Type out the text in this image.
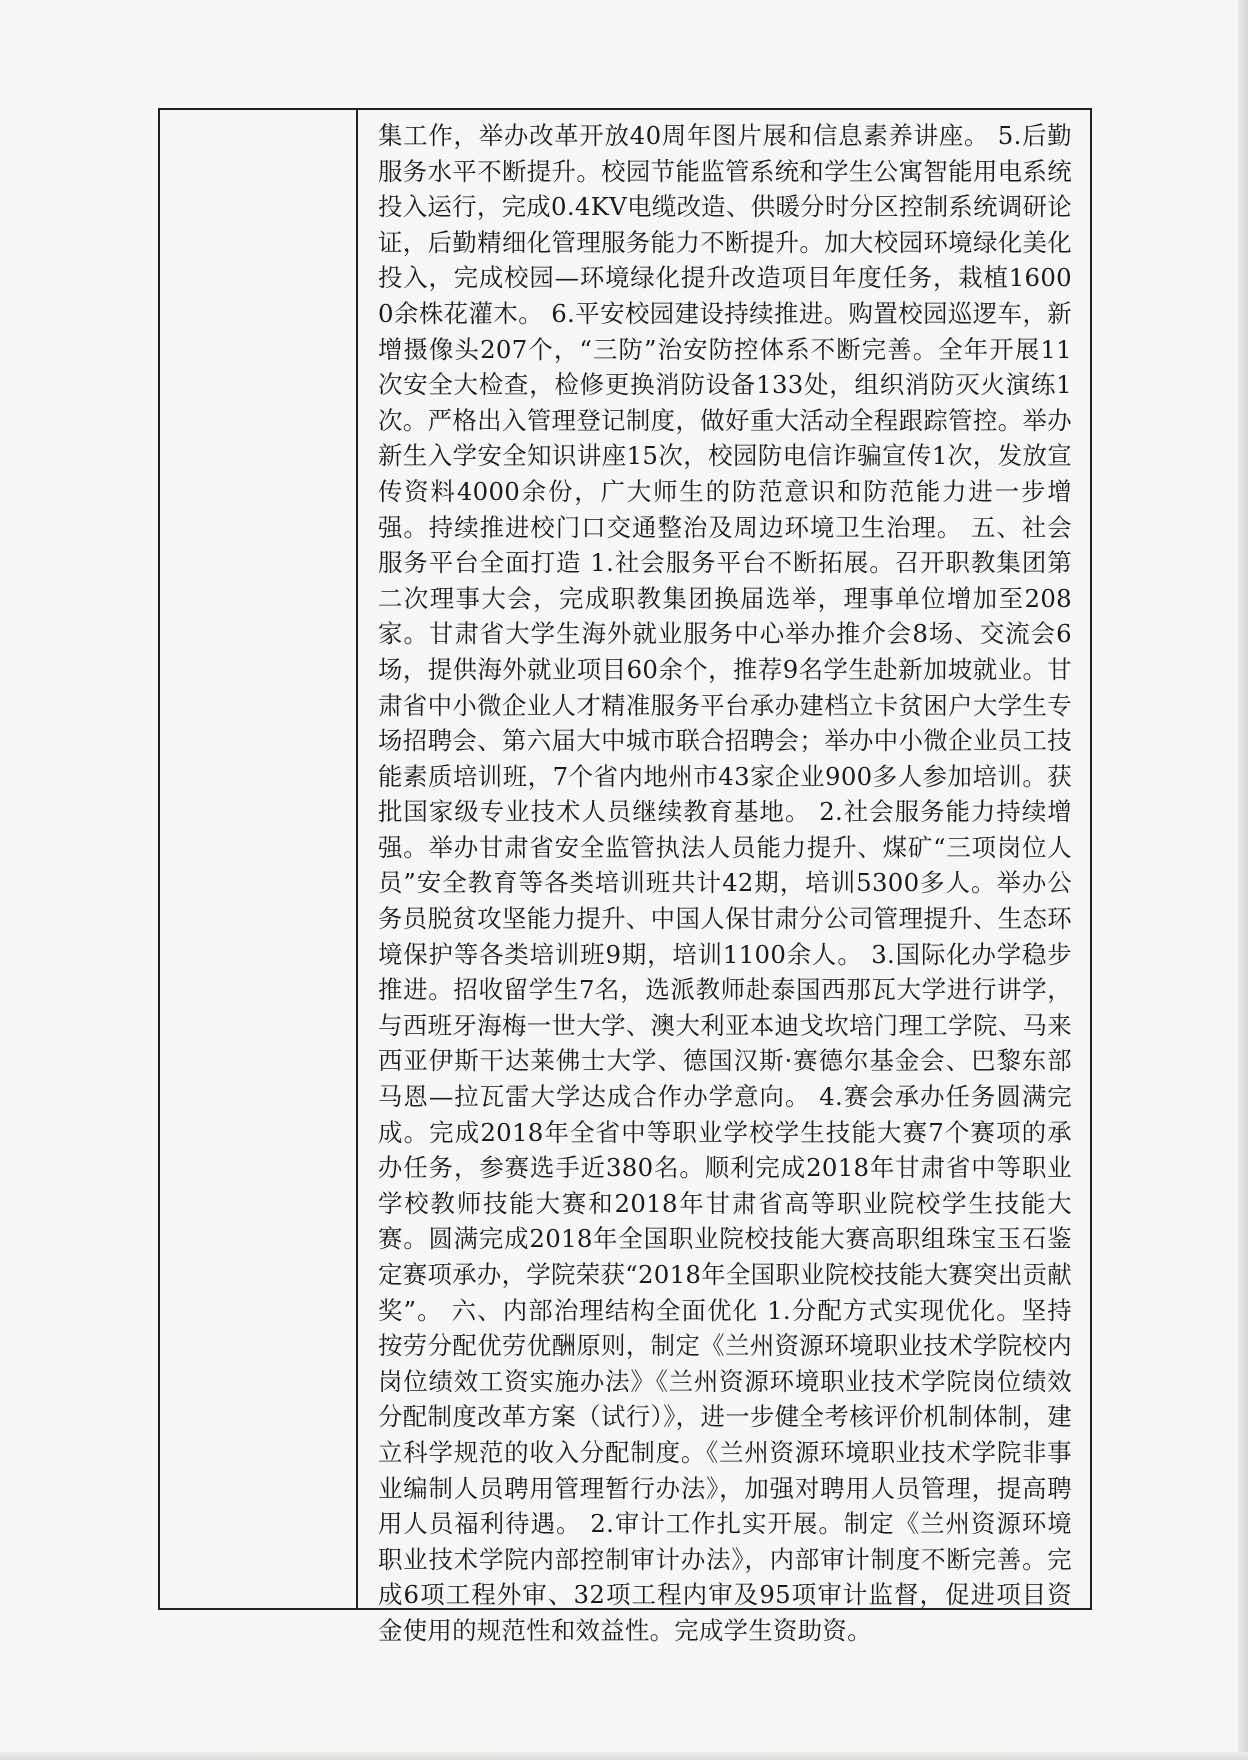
集工作，举办改革开放40周年图片展和信息素养讲座。 5.后勤服务水平不断提升。校园节能监管系统和学生公寓智能用电系统投入运行，完成0.4KV电缆改造、供暖分时分区控制系统调研论证，后勤精细化管理服务能力不断提升。加大校园环境绿化美化投入，完成校园—环境绿化提升改造项目年度任务，栽植16000余株花灌木。 6.平安校园建设持续推进。购置校园巡逻车，新增摄像头207个，“三防”治安防控体系不断完善。全年开展11次安全大检查，检修更换消防设备133处，组织消防灭火演练1次。严格出入管理登记制度，做好重大活动全程跟踪管控。举办新生入学安全知识讲座15次，校园防电信诈骗宣传1次，发放宣传资料4000余份，广大师生的防范意识和防范能力进一步增强。持续推进校门口交通整治及周边环境卫生治理。 五、社会服务平台全面打造 1.社会服务平台不断拓展。召开职教集团第二次理事大会，完成职教集团换届选举，理事单位增加至208家。甘肃省大学生海外就业服务中心举办推介会8场、交流会6场，提供海外就业项目60余个，推荐9名学生赴新加坡就业。甘肃省中小微企业人才精准服务平台承办建档立卡贫困户大学生专场招聘会、第六届大中城市联合招聘会；举办中小微企业员工技能素质培训班，7个省内地州市43家企业900多人参加培训。获批国家级专业技术人员继续教育基地。 2.社会服务能力持续增强。举办甘肃省安全监管执法人员能力提升、煤矿“三项岗位人员”安全教育等各类培训班共计42期，培训5300多人。举办公务员脱贫攻坚能力提升、中国人保甘肃分公司管理提升、生态环境保护等各类培训班9期，培训1100余人。 3.国际化办学稳步推进。招收留学生7名，选派教师赴泰国西那瓦大学进行讲学，与西班牙海梅一世大学、澳大利亚本迪戈坎培门理工学院、马来西亚伊斯干达莱佛士大学、德国汉斯·赛德尔基金会、巴黎东部马恩—拉瓦雷大学达成合作办学意向。 4.赛会承办任务圆满完成。完成2018年全省中等职业学校学生技能大赛7个赛项的承办任务，参赛选手近380名。顺利完成2018年甘肃省中等职业学校教师技能大赛和2018年甘肃省高等职业院校学生技能大赛。圆满完成2018年全国职业院校技能大赛高职组珠宝玉石鉴定赛项承办，学院荣获“2018年全国职业院校技能大赛突出贡献奖”。 六、内部治理结构全面优化 1.分配方式实现优化。坚持按劳分配优劳优酬原则，制定《兰州资源环境职业技术学院校内岗位绩效工资实施办法》《兰州资源环境职业技术学院岗位绩效分配制度改革方案（试行）》，进一步健全考核评价机制体制，建立科学规范的收入分配制度。《兰州资源环境职业技术学院非事业编制人员聘用管理暂行办法》，加强对聘用人员管理，提高聘用人员福利待遇。 2.审计工作扎实开展。制定《兰州资源环境职业技术学院内部控制审计办法》，内部审计制度不断完善。完成6项工程外审、32项工程内审及95项审计监督，促进项目资金使用的规范性和效益性。完成学生资助资。
